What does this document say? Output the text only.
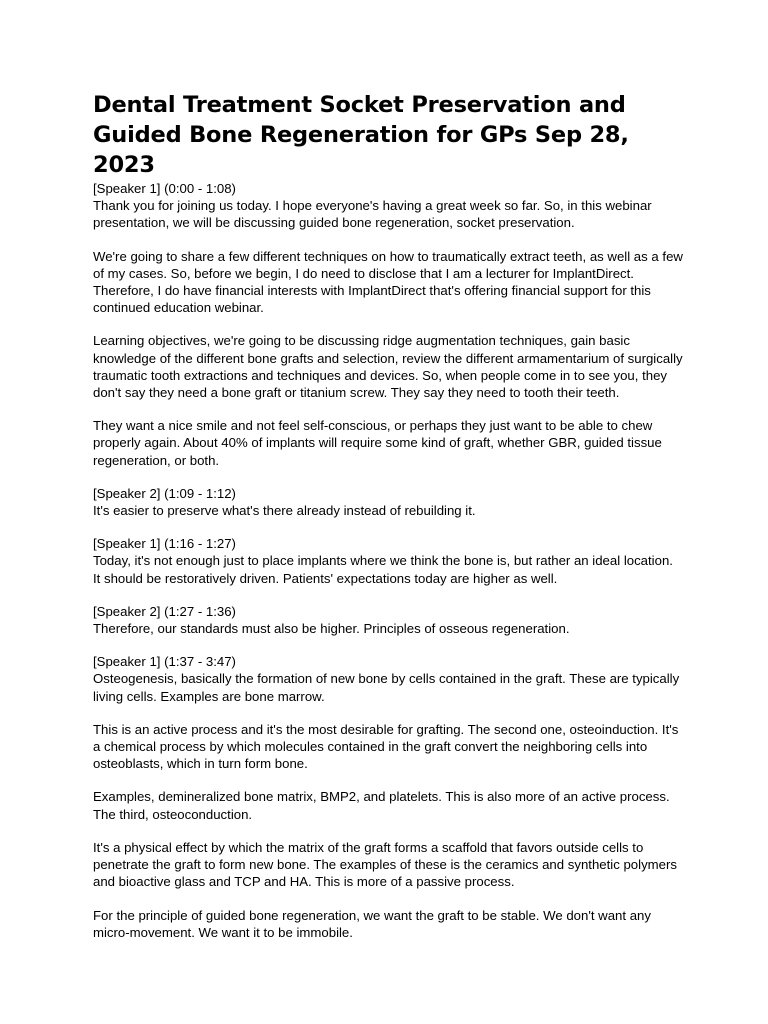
Dental Treatment Socket Preservation and Guided Bone Regeneration for GPs Sep 28, 2023
[Speaker 1] (0:00 - 1:08)
Thank you for joining us today. I hope everyone's having a great week so far. So, in this webinar presentation, we will be discussing guided bone regeneration, socket preservation.
We're going to share a few different techniques on how to traumatically extract teeth, as well as a few of my cases. So, before we begin, I do need to disclose that I am a lecturer for ImplantDirect. Therefore, I do have financial interests with ImplantDirect that's offering financial support for this continued education webinar.
Learning objectives, we're going to be discussing ridge augmentation techniques, gain basic knowledge of the different bone grafts and selection, review the different armamentarium of surgically traumatic tooth extractions and techniques and devices. So, when people come in to see you, they don't say they need a bone graft or titanium screw. They say they need to tooth their teeth.
They want a nice smile and not feel self-conscious, or perhaps they just want to be able to chew properly again. About 40% of implants will require some kind of graft, whether GBR, guided tissue regeneration, or both.
[Speaker 2] (1:09 - 1:12)
It's easier to preserve what's there already instead of rebuilding it.
[Speaker 1] (1:16 - 1:27)
Today, it's not enough just to place implants where we think the bone is, but rather an ideal location. It should be restoratively driven. Patients' expectations today are higher as well.
[Speaker 2] (1:27 - 1:36)
Therefore, our standards must also be higher. Principles of osseous regeneration.
[Speaker 1] (1:37 - 3:47)
Osteogenesis, basically the formation of new bone by cells contained in the graft. These are typically living cells. Examples are bone marrow.
This is an active process and it's the most desirable for grafting. The second one, osteoinduction. It's a chemical process by which molecules contained in the graft convert the neighboring cells into osteoblasts, which in turn form bone.
Examples, demineralized bone matrix, BMP2, and platelets. This is also more of an active process. The third, osteoconduction.
It's a physical effect by which the matrix of the graft forms a scaffold that favors outside cells to penetrate the graft to form new bone. The examples of these is the ceramics and synthetic polymers and bioactive glass and TCP and HA. This is more of a passive process.
For the principle of guided bone regeneration, we want the graft to be stable. We don't want any micro-movement. We want it to be immobile.
